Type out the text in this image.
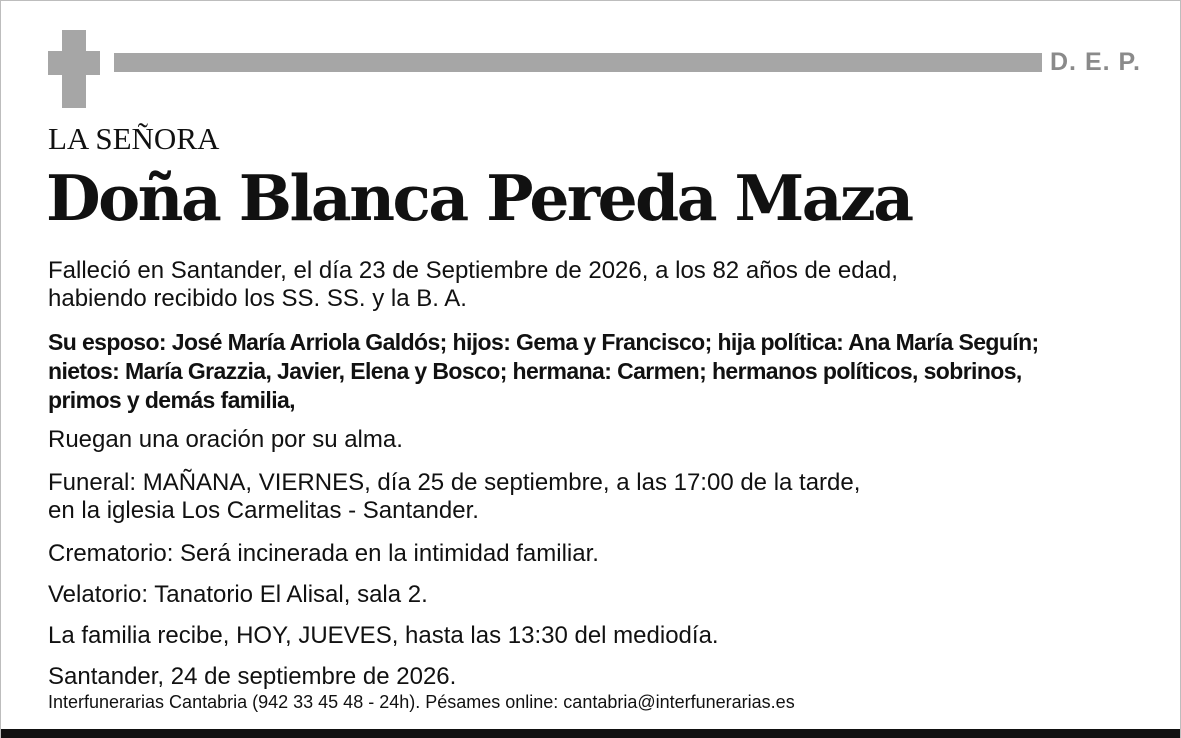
D. E. P.
LA SEÑORA
Doña Blanca Pereda Maza
Falleció en Santander, el día 23 de Septiembre de 2026, a los 82 años de edad,
habiendo recibido los SS. SS. y la B. A.
Su esposo: José María Arriola Galdós; hijos: Gema y Francisco; hija política: Ana María Seguín;
nietos: María Grazzia, Javier, Elena y Bosco; hermana: Carmen; hermanos políticos, sobrinos,
primos y demás familia,
Ruegan una oración por su alma.
Funeral: MAÑANA, VIERNES, día 25 de septiembre, a las 17:00 de la tarde,
en la iglesia Los Carmelitas - Santander.
Crematorio: Será incinerada en la intimidad familiar.
Velatorio: Tanatorio El Alisal, sala 2.
La familia recibe, HOY, JUEVES, hasta las 13:30 del mediodía.
Santander, 24 de septiembre de 2026.
Interfunerarias Cantabria (942 33 45 48 - 24h). Pésames online: cantabria@interfunerarias.es
